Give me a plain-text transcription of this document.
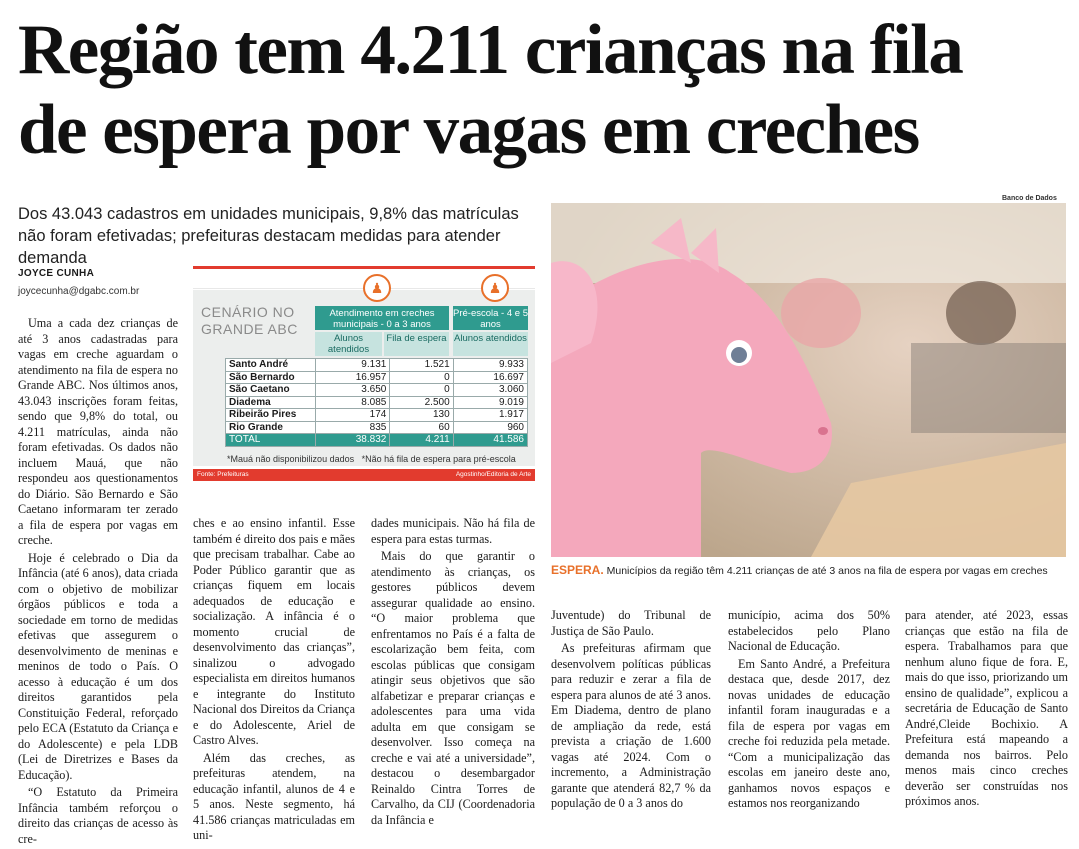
Região tem 4.211 crianças na fila
de espera por vagas em creches
Dos 43.043 cadastros em unidades municipais, 9,8% das matrículas não foram efetivadas; prefeituras destacam medidas para atender demanda
JOYCE CUNHA
joycecunha@dgabc.com.br

Uma a cada dez crianças de até 3 anos cadastradas para vagas em creche aguardam o atendimento na fila de espera no Grande ABC. Nos últimos anos, 43.043 inscrições foram feitas, sendo que 9,8% do total, ou 4.211 matrículas, ainda não foram efetivadas. Os dados não incluem Mauá, que não respondeu aos questionamentos do Diário. São Bernardo e São Caetano informaram ter zerado a fila de espera por vagas em creche.

Hoje é celebrado o Dia da Infância (até 6 anos), data criada com o objetivo de mobilizar órgãos públicos e toda a sociedade em torno de medidas efetivas que assegurem o desenvolvimento de meninas e meninos de todo o País. O acesso à educação é um dos direitos garantidos pela Constituição Federal, reforçado pelo ECA (Estatuto da Criança e do Adolescente) e pela LDB (Lei de Diretrizes e Bases da Educação).

“O Estatuto da Primeira Infância também reforçou o direito das crianças de acesso às cre-

♟	♟
CENÁRIO NO GRANDE ABC
Atendimento em creches municipais - 0 a 3 anos
Pré-escola - 4 e 5 anos
Alunos atendidos
Fila de espera Alunos atendidos
Santo André	9.131	1.521	9.933
São Bernardo	16.957	0	16.697
São Caetano	3.650	0	3.060
Diadema	8.085	2.500	9.019
Ribeirão Pires	174	130	1.917
Rio Grande	835	60	960
TOTAL	38.832	4.211	41.586
*Mauá não disponibilizou dados *Não há fila de espera para pré-escola
Fonte: Prefeituras	Agostinho/Editoria de Arte

ches e ao ensino infantil. Esse também é direito dos pais e mães que precisam trabalhar. Cabe ao Poder Público garantir que as crianças fiquem em locais adequados de educação e socialização. A infância é o momento crucial de desenvolvimento das crianças”, sinalizou o advogado especialista em direitos humanos e integrante do Instituto Nacional dos Direitos da Criança e do Adolescente, Ariel de Castro Alves.

Além das creches, as prefeituras atendem, na educação infantil, alunos de 4 e 5 anos. Neste segmento, há 41.586 crianças matriculadas em uni-

dades municipais. Não há fila de espera para estas turmas.

Mais do que garantir o atendimento às crianças, os gestores públicos devem assegurar qualidade ao ensino. “O maior problema que enfrentamos no País é a falta de escolarização bem feita, com escolas públicas que consigam atingir seus objetivos que são alfabetizar e preparar crianças e adolescentes para uma vida adulta em que consigam se desenvolver. Isso começa na creche e vai até a universidade”, destacou o desembargador Reinaldo Cintra Torres de Carvalho, da CIJ (Coordenadoria da Infância e

Banco de Dados
ESPERA. Municípios da região têm 4.211 crianças de até 3 anos na fila de espera por vagas em creches

Juventude) do Tribunal de Justiça de São Paulo.

As prefeituras afirmam que desenvolvem políticas públicas para reduzir e zerar a fila de espera para alunos de até 3 anos. Em Diadema, dentro de plano de ampliação da rede, está prevista a criação de 1.600 vagas até 2024. Com o incremento, a Administração garante que atenderá 82,7 % da população de 0 a 3 anos do

município, acima dos 50% estabelecidos pelo Plano Nacional de Educação.

Em Santo André, a Prefeitura destaca que, desde 2017, dez novas unidades de educação infantil foram inauguradas e a fila de espera por vagas em creche foi reduzida pela metade. “Com a municipalização das escolas em janeiro deste ano, ganhamos novos espaços e estamos nos reorganizando

para atender, até 2023, essas crianças que estão na fila de espera. Trabalhamos para que nenhum aluno fique de fora. E, mais do que isso, priorizando um ensino de qualidade”, explicou a secretária de Educação de Santo André,Cleide Bochixio. A Prefeitura está mapeando a demanda nos bairros. Pelo menos mais cinco creches deverão ser construídas nos próximos anos.
